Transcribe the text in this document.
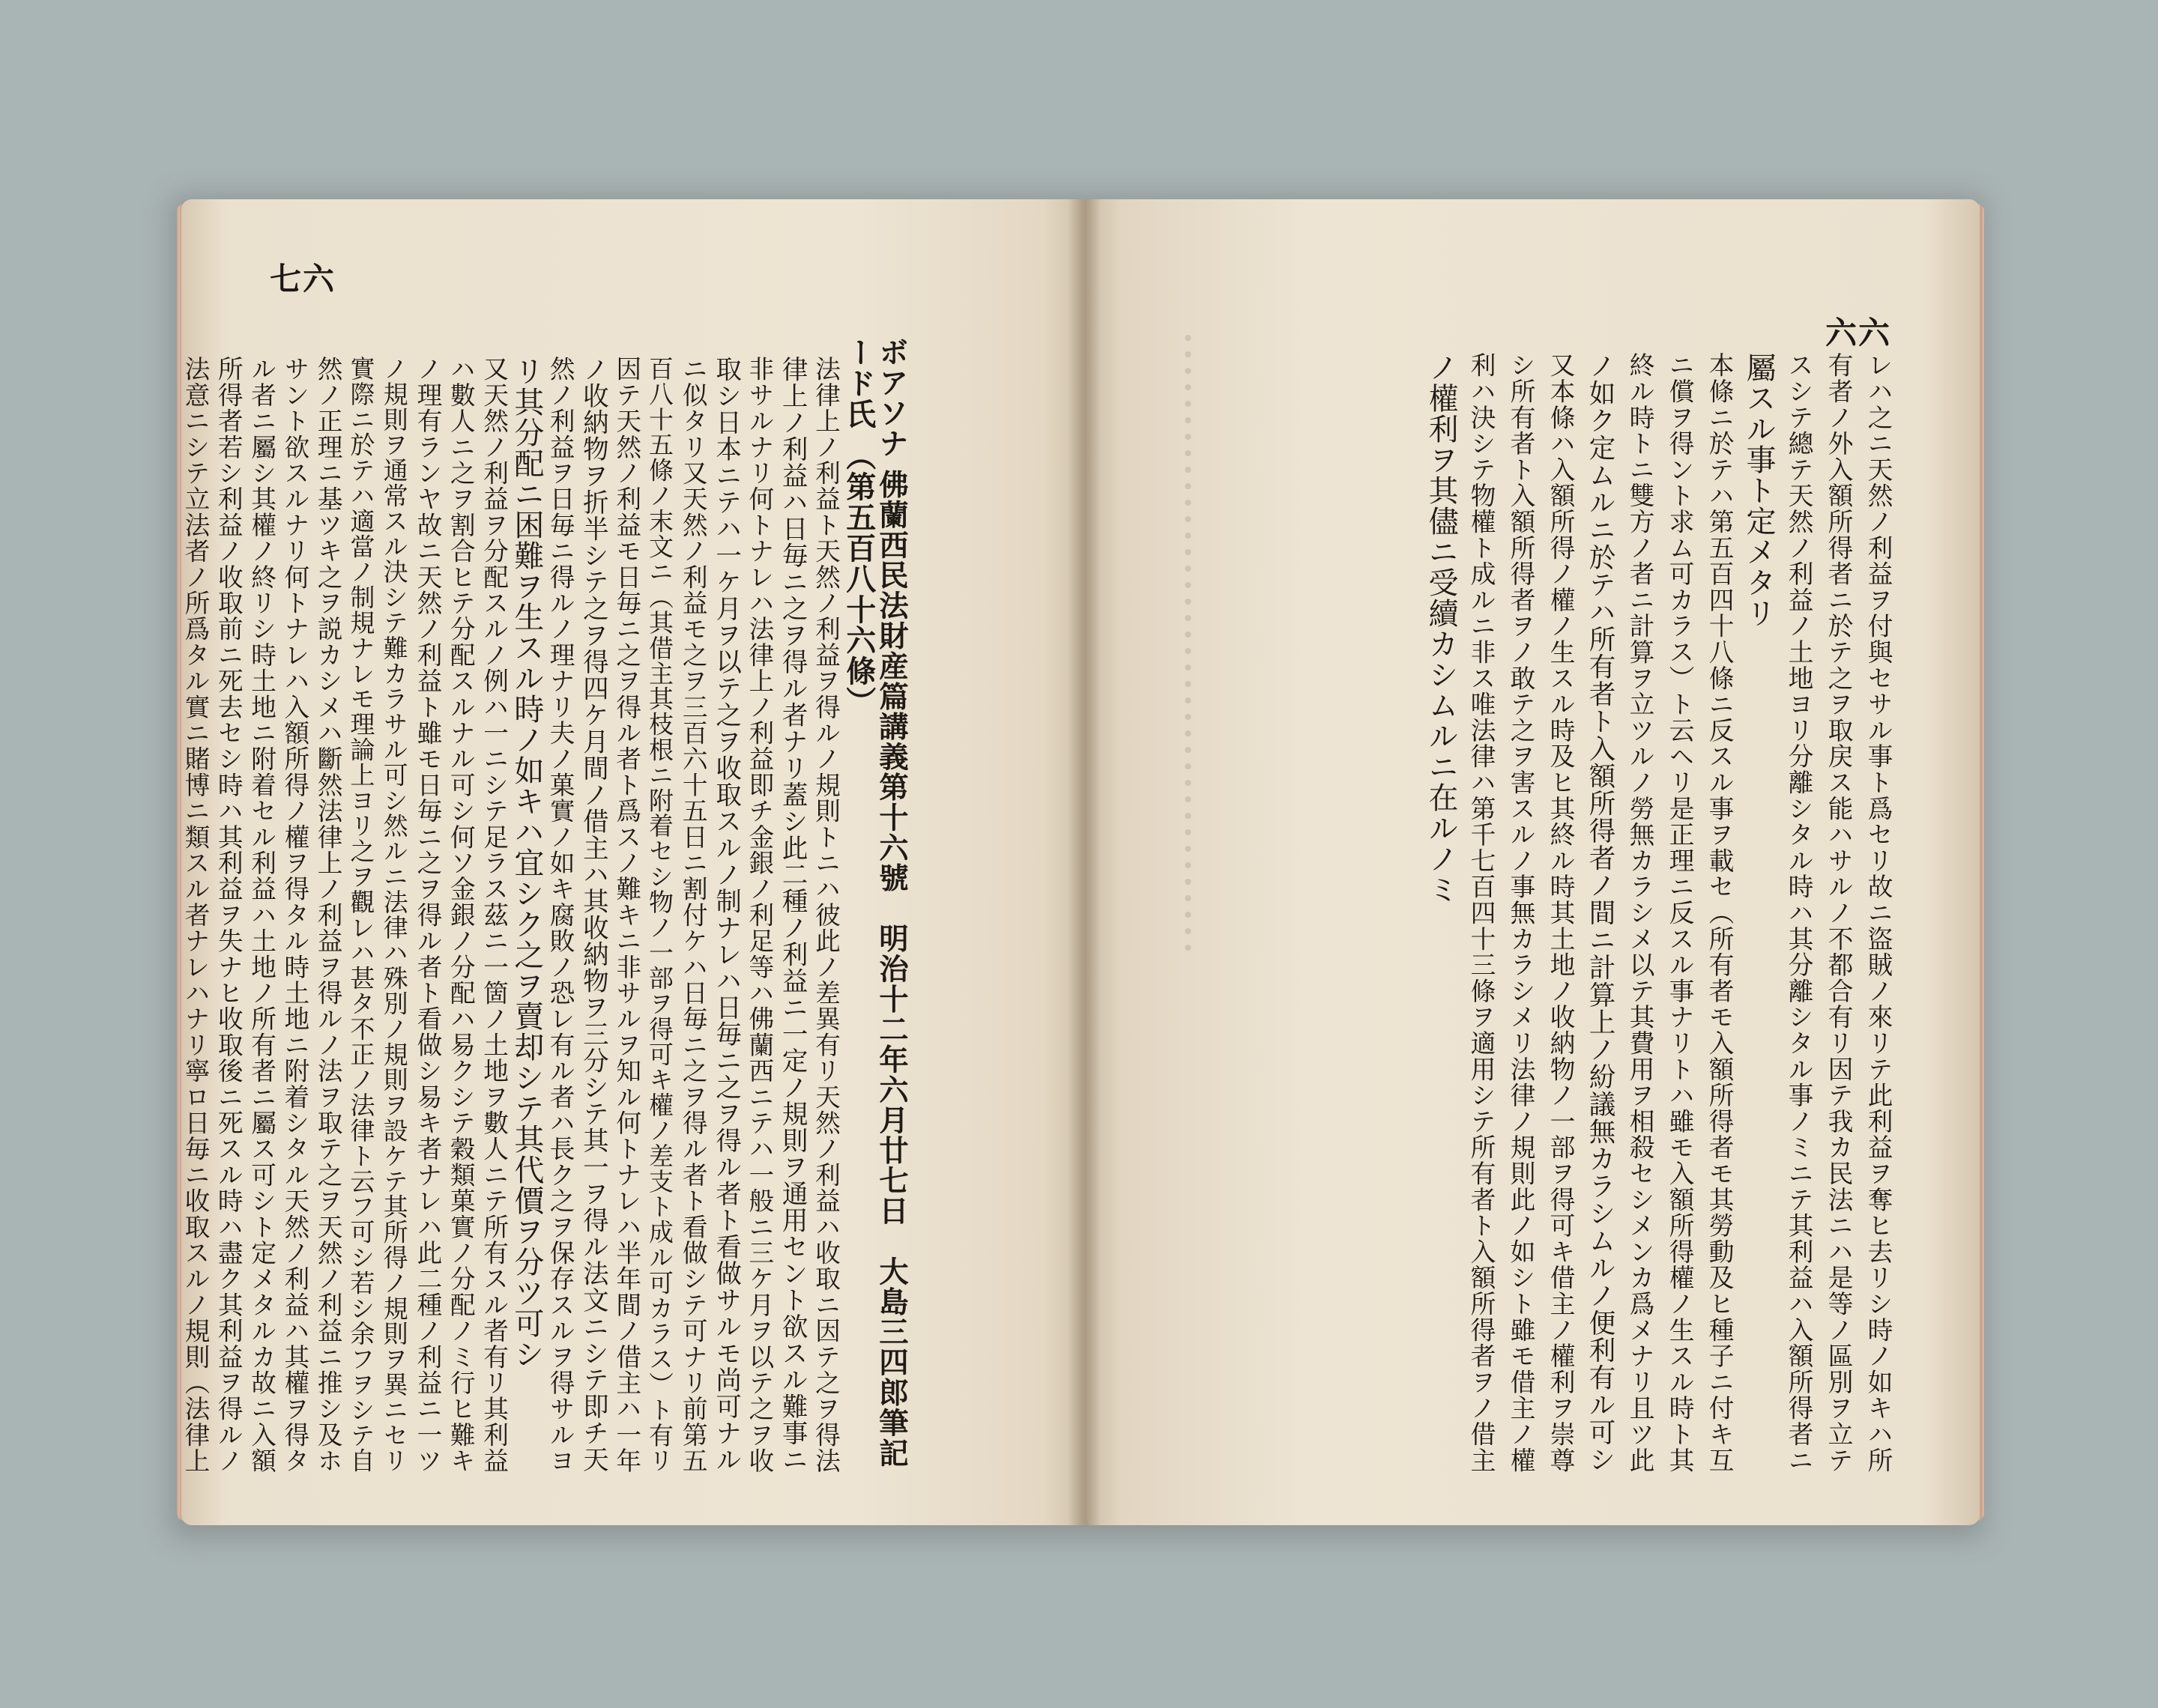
･･････････････････････････････････････
七六
六六
ボアソナ 佛蘭西民法財産篇講義第十六號　明治十二年六月廿七日　大島三四郎筆記
ード氏 （第五百八十六條）
法律上ノ利益ト天然ノ利益ヲ得ルノ規則トニハ彼此ノ差異有リ天然ノ利益ハ收取ニ因テ之ヲ得法
律上ノ利益ハ日毎ニ之ヲ得ル者ナリ蓋シ此二種ノ利益ニ一定ノ規則ヲ通用セント欲スル難事ニ
非サルナリ何トナレハ法律上ノ利益即チ金銀ノ利足等ハ佛蘭西ニテハ一般ニ三ケ月ヲ以テ之ヲ收
取シ日本ニテハ一ケ月ヲ以テ之ヲ收取スルノ制ナレハ日毎ニ之ヲ得ル者ト看做サルモ尚可ナル
ニ似タリ又天然ノ利益モ之ヲ三百六十五日ニ割付ケハ日毎ニ之ヲ得ル者ト看做シテ可ナリ前第五
百八十五條ノ末文ニ（其借主其枝根ニ附着セシ物ノ一部ヲ得可キ權ノ差支ト成ル可カラス）ト有リ
因テ天然ノ利益モ日毎ニ之ヲ得ル者ト爲スノ難キニ非サルヲ知ル何トナレハ半年間ノ借主ハ一年
ノ收納物ヲ折半シテ之ヲ得四ケ月間ノ借主ハ其收納物ヲ三分シテ其一ヲ得ル法文ニシテ即チ天
然ノ利益ヲ日毎ニ得ルノ理ナリ夫ノ菓實ノ如キ腐敗ノ恐レ有ル者ハ長ク之ヲ保存スルヲ得サルヨ
リ其分配ニ困難ヲ生スル時ノ如キハ宜シク之ヲ賣却シテ其代價ヲ分ツ可シ
又天然ノ利益ヲ分配スルノ例ハ一ニシテ足ラス茲ニ一箇ノ土地ヲ數人ニテ所有スル者有リ其利益
ハ數人ニ之ヲ割合ヒテ分配スルナル可シ何ソ金銀ノ分配ハ易クシテ穀類菓實ノ分配ノミ行ヒ難キ
ノ理有ランヤ故ニ天然ノ利益ト雖モ日毎ニ之ヲ得ル者ト看做シ易キ者ナレハ此二種ノ利益ニ一ツ
ノ規則ヲ通常スル決シテ難カラサル可シ然ルニ法律ハ殊別ノ規則ヲ設ケテ其所得ノ規則ヲ異ニセリ
實際ニ於テハ適當ノ制規ナレモ理論上ヨリ之ヲ觀レハ甚タ不正ノ法律ト云フ可シ若シ余フヲシテ自
然ノ正理ニ基ツキ之ヲ説カシメハ斷然法律上ノ利益ヲ得ルノ法ヲ取テ之ヲ天然ノ利益ニ推シ及ホ
サント欲スルナリ何トナレハ入額所得ノ權ヲ得タル時土地ニ附着シタル天然ノ利益ハ其權ヲ得タ	レハ之ニ天然ノ利益ヲ付與セサル事ト爲セリ故ニ盜賊ノ來リテ此利益ヲ奪ヒ去リシ時ノ如キハ所
有者ノ外入額所得者ニ於テ之ヲ取戻ス能ハサルノ不都合有リ因テ我カ民法ニハ是等ノ區別ヲ立テ
スシテ總テ天然ノ利益ノ土地ヨリ分離シタル時ハ其分離シタル事ノミニテ其利益ハ入額所得者ニ
屬スル事ト定メタリ
本條ニ於テハ第五百四十八條ニ反スル事ヲ載セ（所有者モ入額所得者モ其勞動及ヒ種子ニ付キ互
ニ償ヲ得ント求ム可カラス）ト云ヘリ是正理ニ反スル事ナリトハ雖モ入額所得權ノ生スル時ト其
終ル時トニ雙方ノ者ニ計算ヲ立ツルノ勞無カラシメ以テ其費用ヲ相殺セシメンカ爲メナリ且ツ此
ノ如ク定ムルニ於テハ所有者ト入額所得者ノ間ニ計算上ノ紛議無カラシムルノ便利有ル可シ
又本條ハ入額所得ノ權ノ生スル時及ヒ其終ル時其土地ノ收納物ノ一部ヲ得可キ借主ノ權利ヲ崇尊
シ所有者ト入額所得者ヲノ敢テ之ヲ害スルノ事無カラシメリ法律ノ規則此ノ如シト雖モ借主ノ權
利ハ決シテ物權ト成ルニ非ス唯法律ハ第千七百四十三條ヲ適用シテ所有者ト入額所得者ヲノ借主
ノ權利ヲ其儘ニ受續カシムルニ在ルノミ
ル者ニ屬シ其權ノ終リシ時土地ニ附着セル利益ハ土地ノ所有者ニ屬ス可シト定メタルカ故ニ入額
所得者若シ利益ノ收取前ニ死去セシ時ハ其利益ヲ失ナヒ收取後ニ死スル時ハ盡ク其利益ヲ得ルノ
法意ニシテ立法者ノ所爲タル實ニ賭博ニ類スル者ナレハナリ寧ロ日毎ニ收取スルノ規則（法律上
